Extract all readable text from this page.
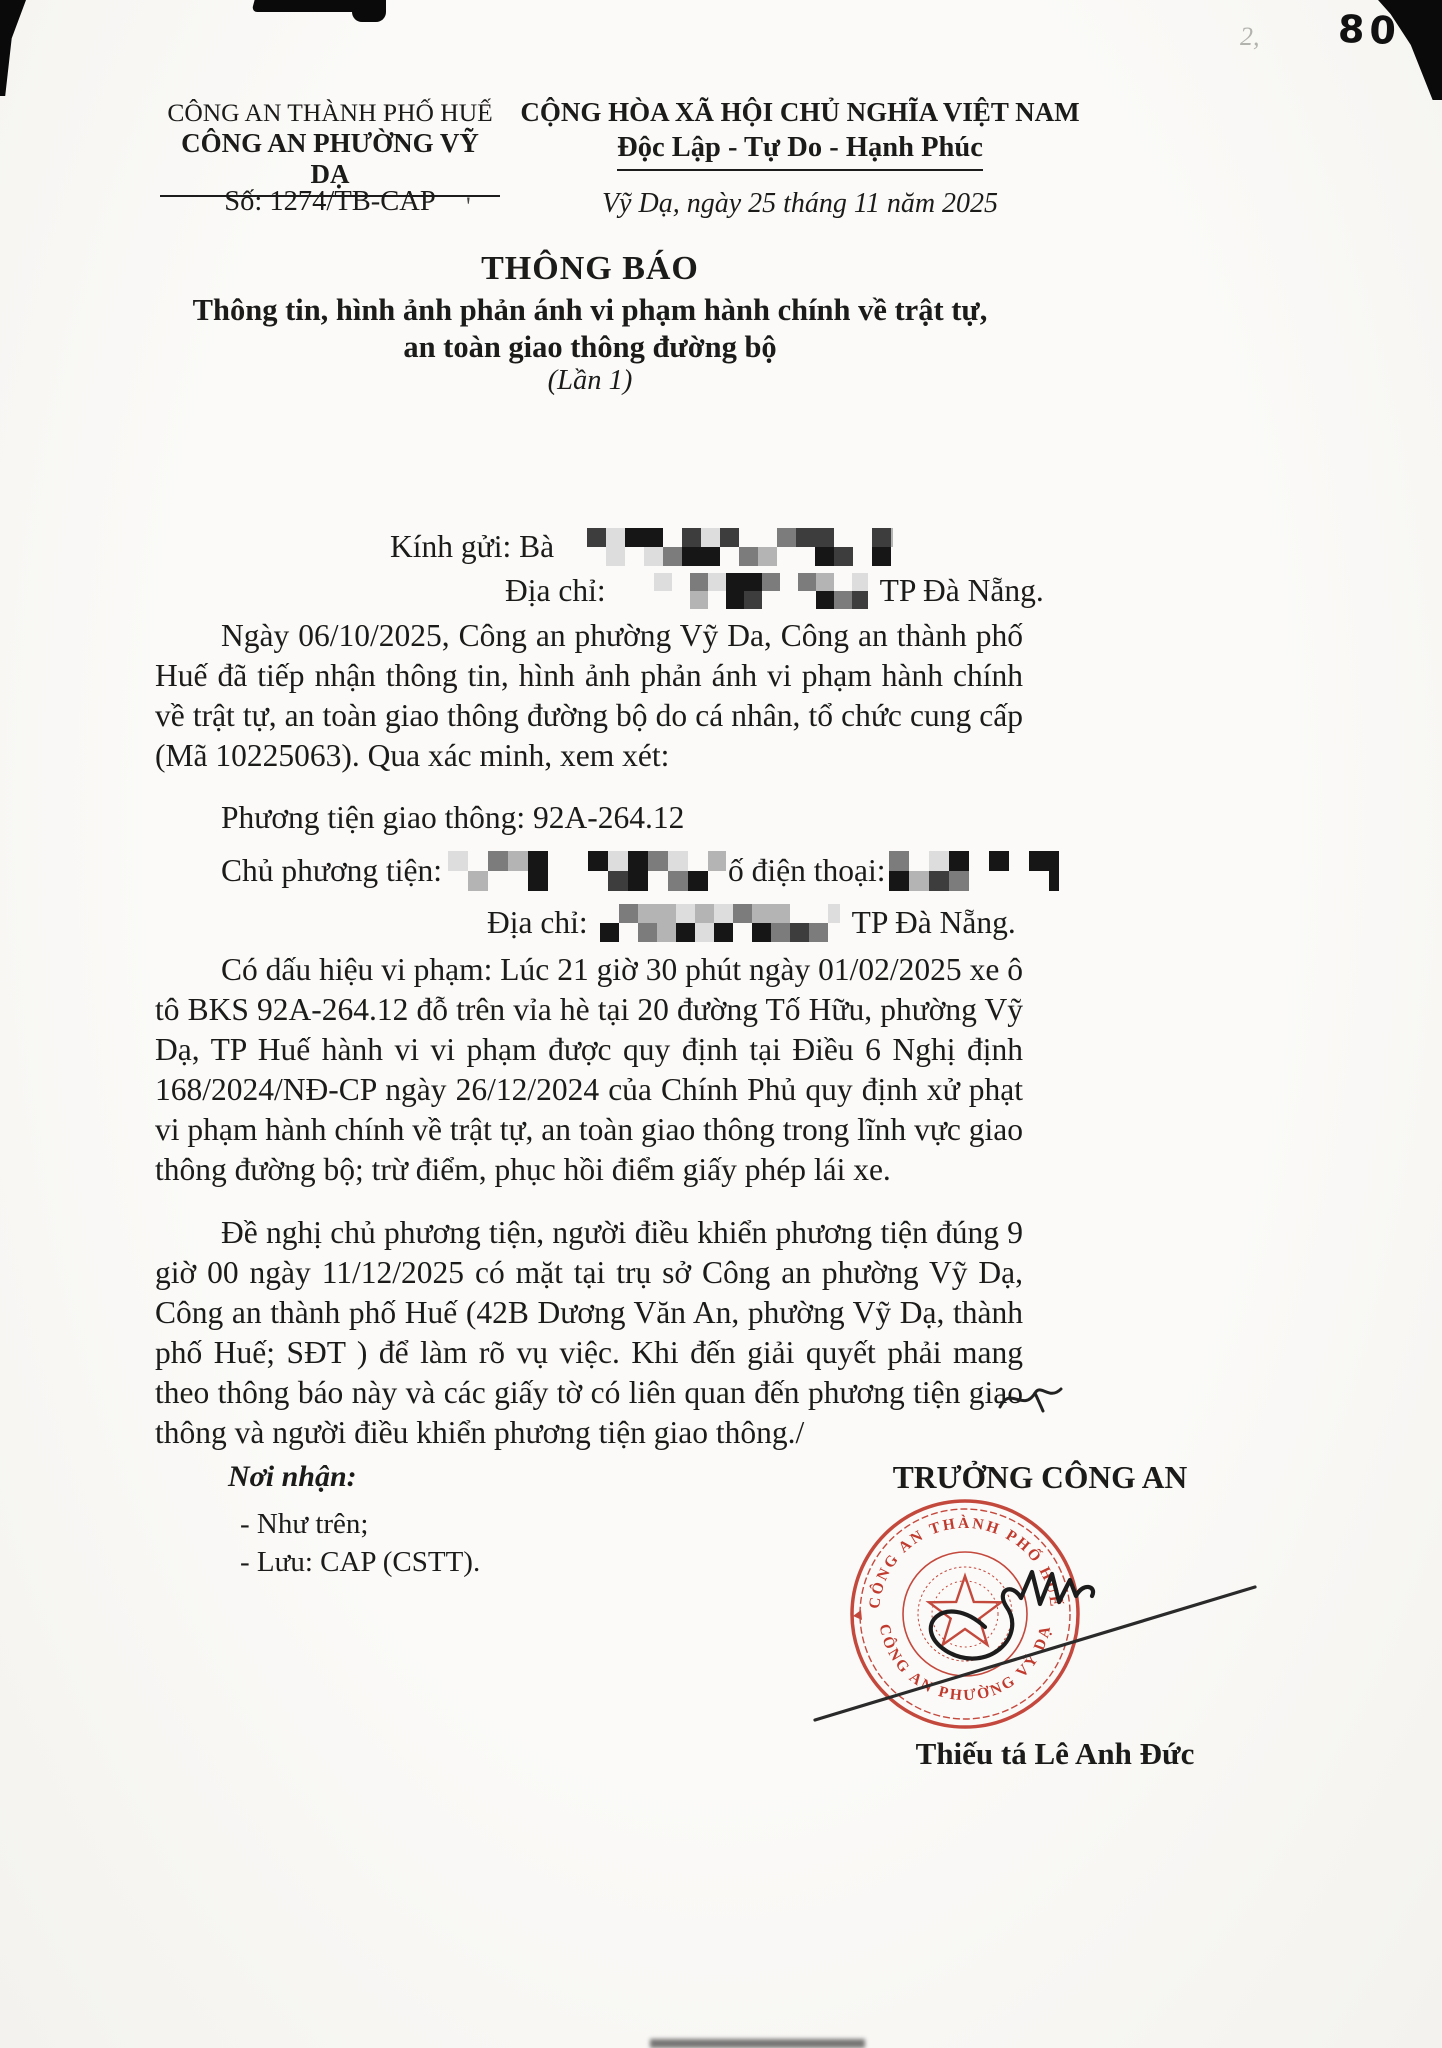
2, 80
'
CÔNG AN THÀNH PHỐ HUẾ
CÔNG AN PHƯỜNG VỸ DẠ
Số: 1274/TB-CAP
CỘNG HÒA XÃ HỘI CHỦ NGHĨA VIỆT NAM
Độc Lập - Tự Do - Hạnh Phúc
Vỹ Dạ, ngày 25 tháng 11 năm 2025
THÔNG BÁO
Thông tin, hình ảnh phản ánh vi phạm hành chính về trật tự,
an toàn giao thông đường bộ
(Lần 1)
Kính gửi: Bà
Địa chỉ:	TP Đà Nẵng.
Ngày 06/10/2025, Công an phường Vỹ Da, Công an thành phố Huế đã tiếp nhận thông tin, hình ảnh phản ánh vi phạm hành chính về trật tự, an toàn giao thông đường bộ do cá nhân, tổ chức cung cấp (Mã 10225063). Qua xác minh, xem xét:
Phương tiện giao thông: 92A-264.12
Chủ phương tiện:	ố điện thoại:
Địa chỉ:	TP Đà Nẵng.
Có dấu hiệu vi phạm: Lúc 21 giờ 30 phút ngày 01/02/2025 xe ô tô BKS 92A-264.12 đỗ trên vỉa hè tại 20 đường Tố Hữu, phường Vỹ Dạ, TP Huế hành vi vi phạm được quy định tại Điều 6 Nghị định 168/2024/NĐ-CP ngày 26/12/2024 của Chính Phủ quy định xử phạt vi phạm hành chính về trật tự, an toàn giao thông trong lĩnh vực giao thông đường bộ; trừ điểm, phục hồi điểm giấy phép lái xe.
Đề nghị chủ phương tiện, người điều khiển phương tiện đúng 9 giờ 00 ngày 11/12/2025 có mặt tại trụ sở Công an phường Vỹ Dạ, Công an thành phố Huế (42B Dương Văn An, phường Vỹ Dạ, thành phố Huế; SĐT ) để làm rõ vụ việc. Khi đến giải quyết phải mang theo thông báo này và các giấy tờ có liên quan đến phương tiện giao thông và người điều khiển phương tiện giao thông./
Nơi nhận:
- Như trên;
- Lưu: CAP (CSTT).
TRƯỞNG CÔNG AN
CÔNG AN THÀNH PHỐ HUẾ
CÔNG AN PHƯỜNG VỸ DẠ
Thiếu tá Lê Anh Đức
